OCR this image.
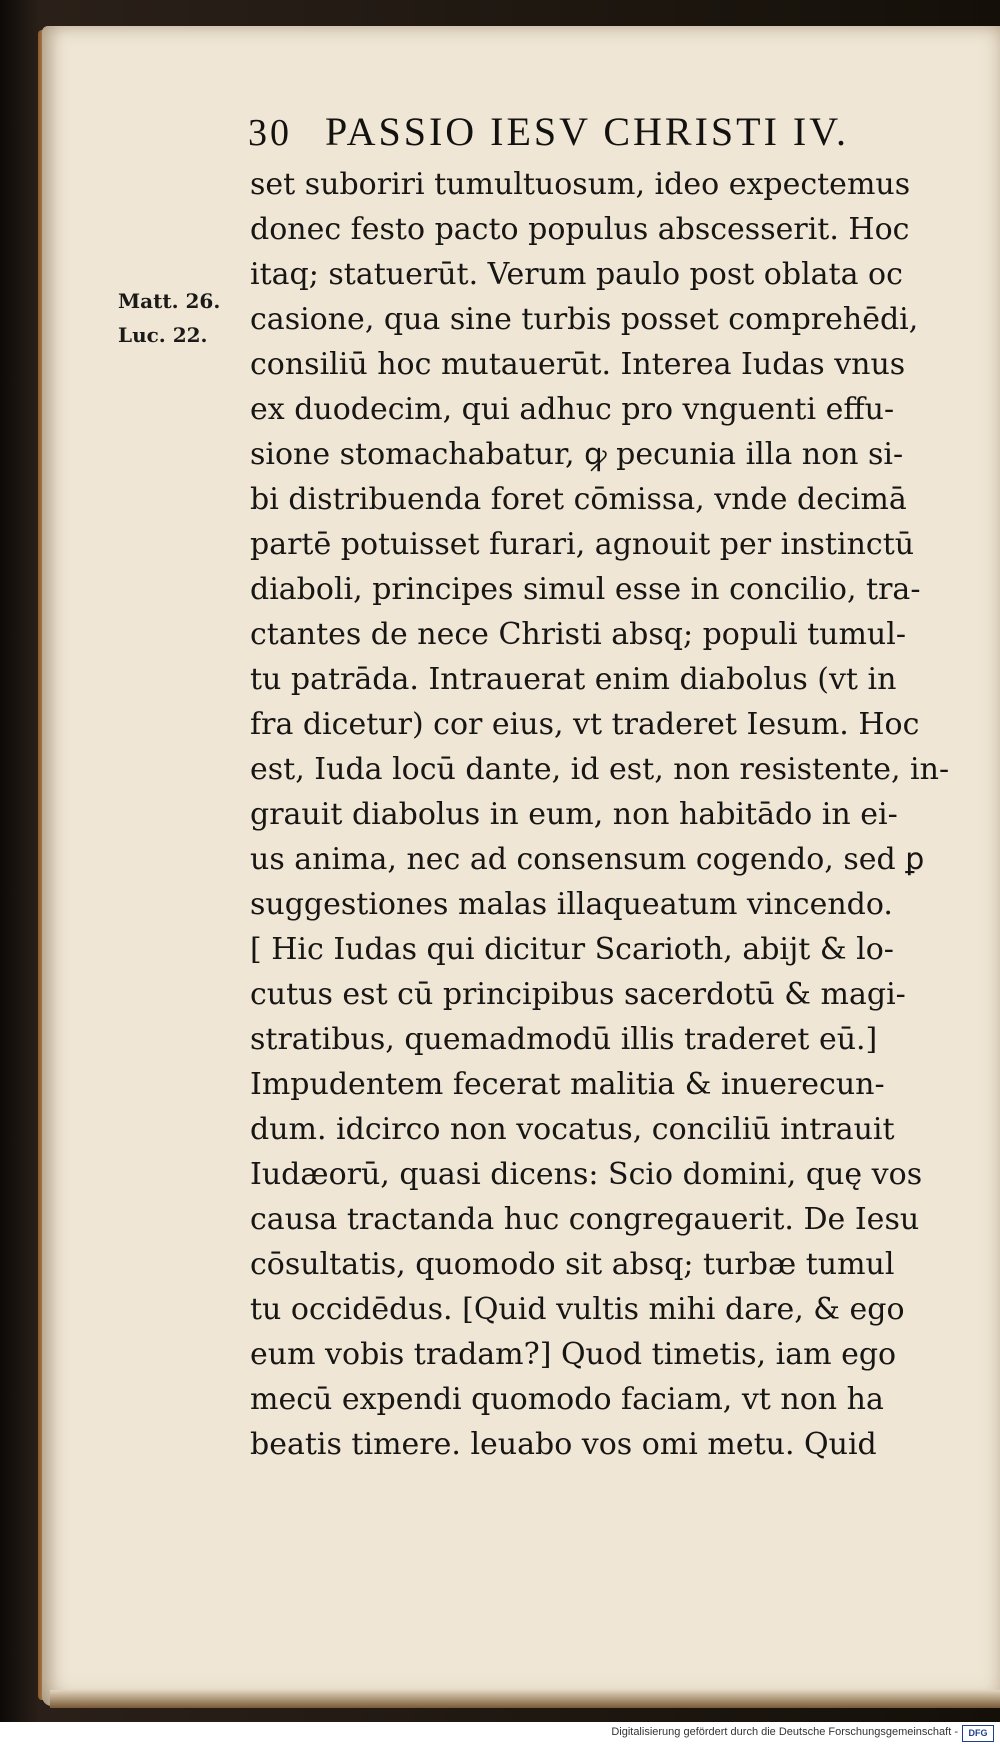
30 PASSIO IESV CHRISTI IV.
Matt. 26.
Luc. 22.
set suboriri tumultuosum, ideo expectemus
donec festo pacto populus abscesserit. Hoc
itaq; statuerūt. Verum paulo post oblata oc
casione, qua sine turbis posset comprehēdi,
consiliū hoc mutauerūt. Interea Iudas vnus
ex duodecim, qui adhuc pro vnguenti effu-
sione stomachabatur, ꝙ pecunia illa non si-
bi distribuenda foret cōmissa, vnde decimā
partē potuisset furari, agnouit per instinctū
diaboli, principes simul esse in concilio, tra-
ctantes de nece Christi absq; populi tumul-
tu patrāda. Intrauerat enim diabolus (vt in
fra dicetur) cor eius, vt traderet Iesum. Hoc
est, Iuda locū dante, id est, non resistente, in-
grauit diabolus in eum, non habitādo in ei-
us anima, nec ad consensum cogendo, sed ꝑ
suggestiones malas illaqueatum vincendo.
[ Hic Iudas qui dicitur Scarioth, abijt & lo-
cutus est cū principibus sacerdotū & magi-
stratibus, quemadmodū illis traderet eū.]
Impudentem fecerat malitia & inuerecun-
dum. idcirco non vocatus, conciliū intrauit
Iudæorū, quasi dicens: Scio domini, quę vos
causa tractanda huc congregauerit. De Iesu
cōsultatis, quomodo sit absq; turbæ tumul
tu occidēdus. [Quid vultis mihi dare, & ego
eum vobis tradam?] Quod timetis, iam ego
mecū expendi quomodo faciam, vt non ha
beatis timere. leuabo vos omi metu. Quid
Digitalisierung gefördert durch die Deutsche Forschungsgemeinschaft -	DFG
